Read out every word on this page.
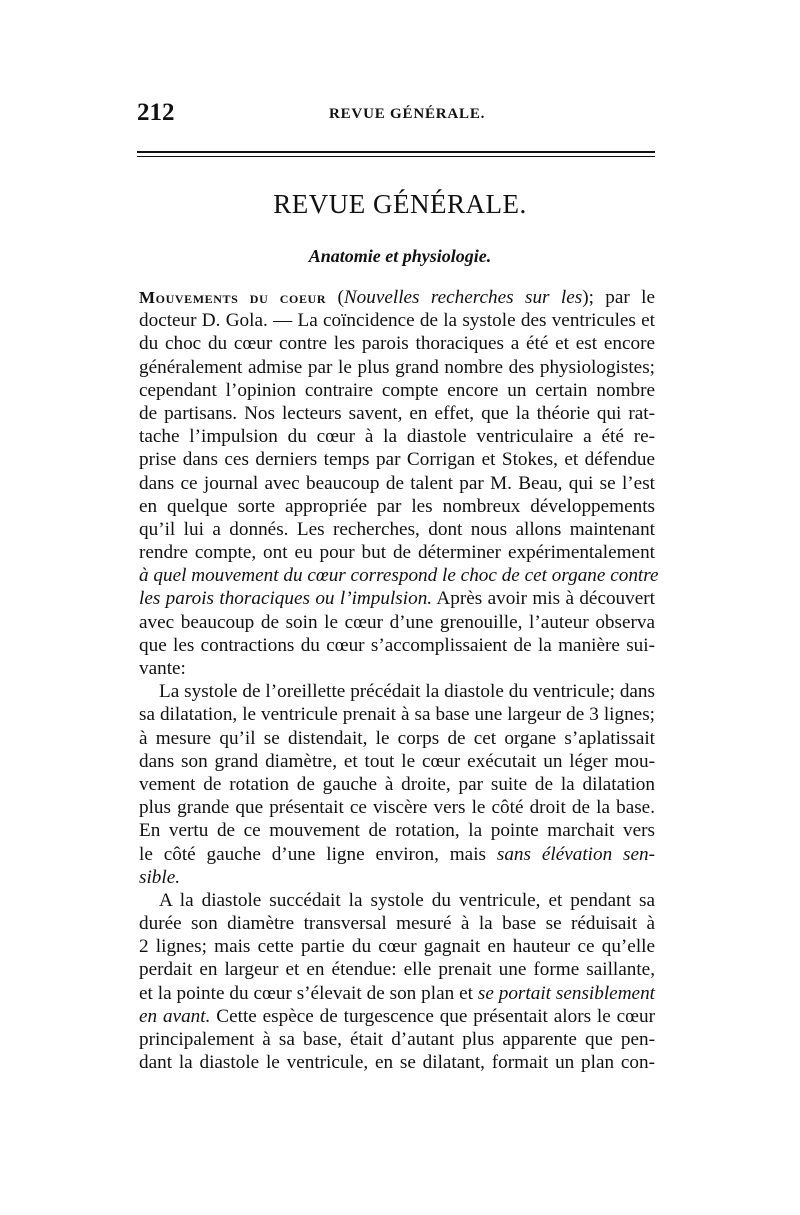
212	REVUE GÉNÉRALE.
REVUE GÉNÉRALE.
Anatomie et physiologie.
Mouvements du coeur (Nouvelles recherches sur les); par le
docteur D. Gola. — La coïncidence de la systole des ventricules et
du choc du cœur contre les parois thoraciques a été et est encore
généralement admise par le plus grand nombre des physiologistes;
cependant l’opinion contraire compte encore un certain nombre
de partisans. Nos lecteurs savent, en effet, que la théorie qui rat-
tache l’impulsion du cœur à la diastole ventriculaire a été re-
prise dans ces derniers temps par Corrigan et Stokes, et défendue
dans ce journal avec beaucoup de talent par M. Beau, qui se l’est
en quelque sorte appropriée par les nombreux développements
qu’il lui a donnés. Les recherches, dont nous allons maintenant
rendre compte, ont eu pour but de déterminer expérimentalement
à quel mouvement du cœur correspond le choc de cet organe contre
les parois thoraciques ou l’impulsion. Après avoir mis à découvert
avec beaucoup de soin le cœur d’une grenouille, l’auteur observa
que les contractions du cœur s’accomplissaient de la manière sui-
vante:
La systole de l’oreillette précédait la diastole du ventricule; dans
sa dilatation, le ventricule prenait à sa base une largeur de 3 lignes;
à mesure qu’il se distendait, le corps de cet organe s’aplatissait
dans son grand diamètre, et tout le cœur exécutait un léger mou-
vement de rotation de gauche à droite, par suite de la dilatation
plus grande que présentait ce viscère vers le côté droit de la base.
En vertu de ce mouvement de rotation, la pointe marchait vers
le côté gauche d’une ligne environ, mais sans élévation sen-
sible.
A la diastole succédait la systole du ventricule, et pendant sa
durée son diamètre transversal mesuré à la base se réduisait à
2 lignes; mais cette partie du cœur gagnait en hauteur ce qu’elle
perdait en largeur et en étendue: elle prenait une forme saillante,
et la pointe du cœur s’élevait de son plan et se portait sensiblement
en avant. Cette espèce de turgescence que présentait alors le cœur
principalement à sa base, était d’autant plus apparente que pen-
dant la diastole le ventricule, en se dilatant, formait un plan con-
